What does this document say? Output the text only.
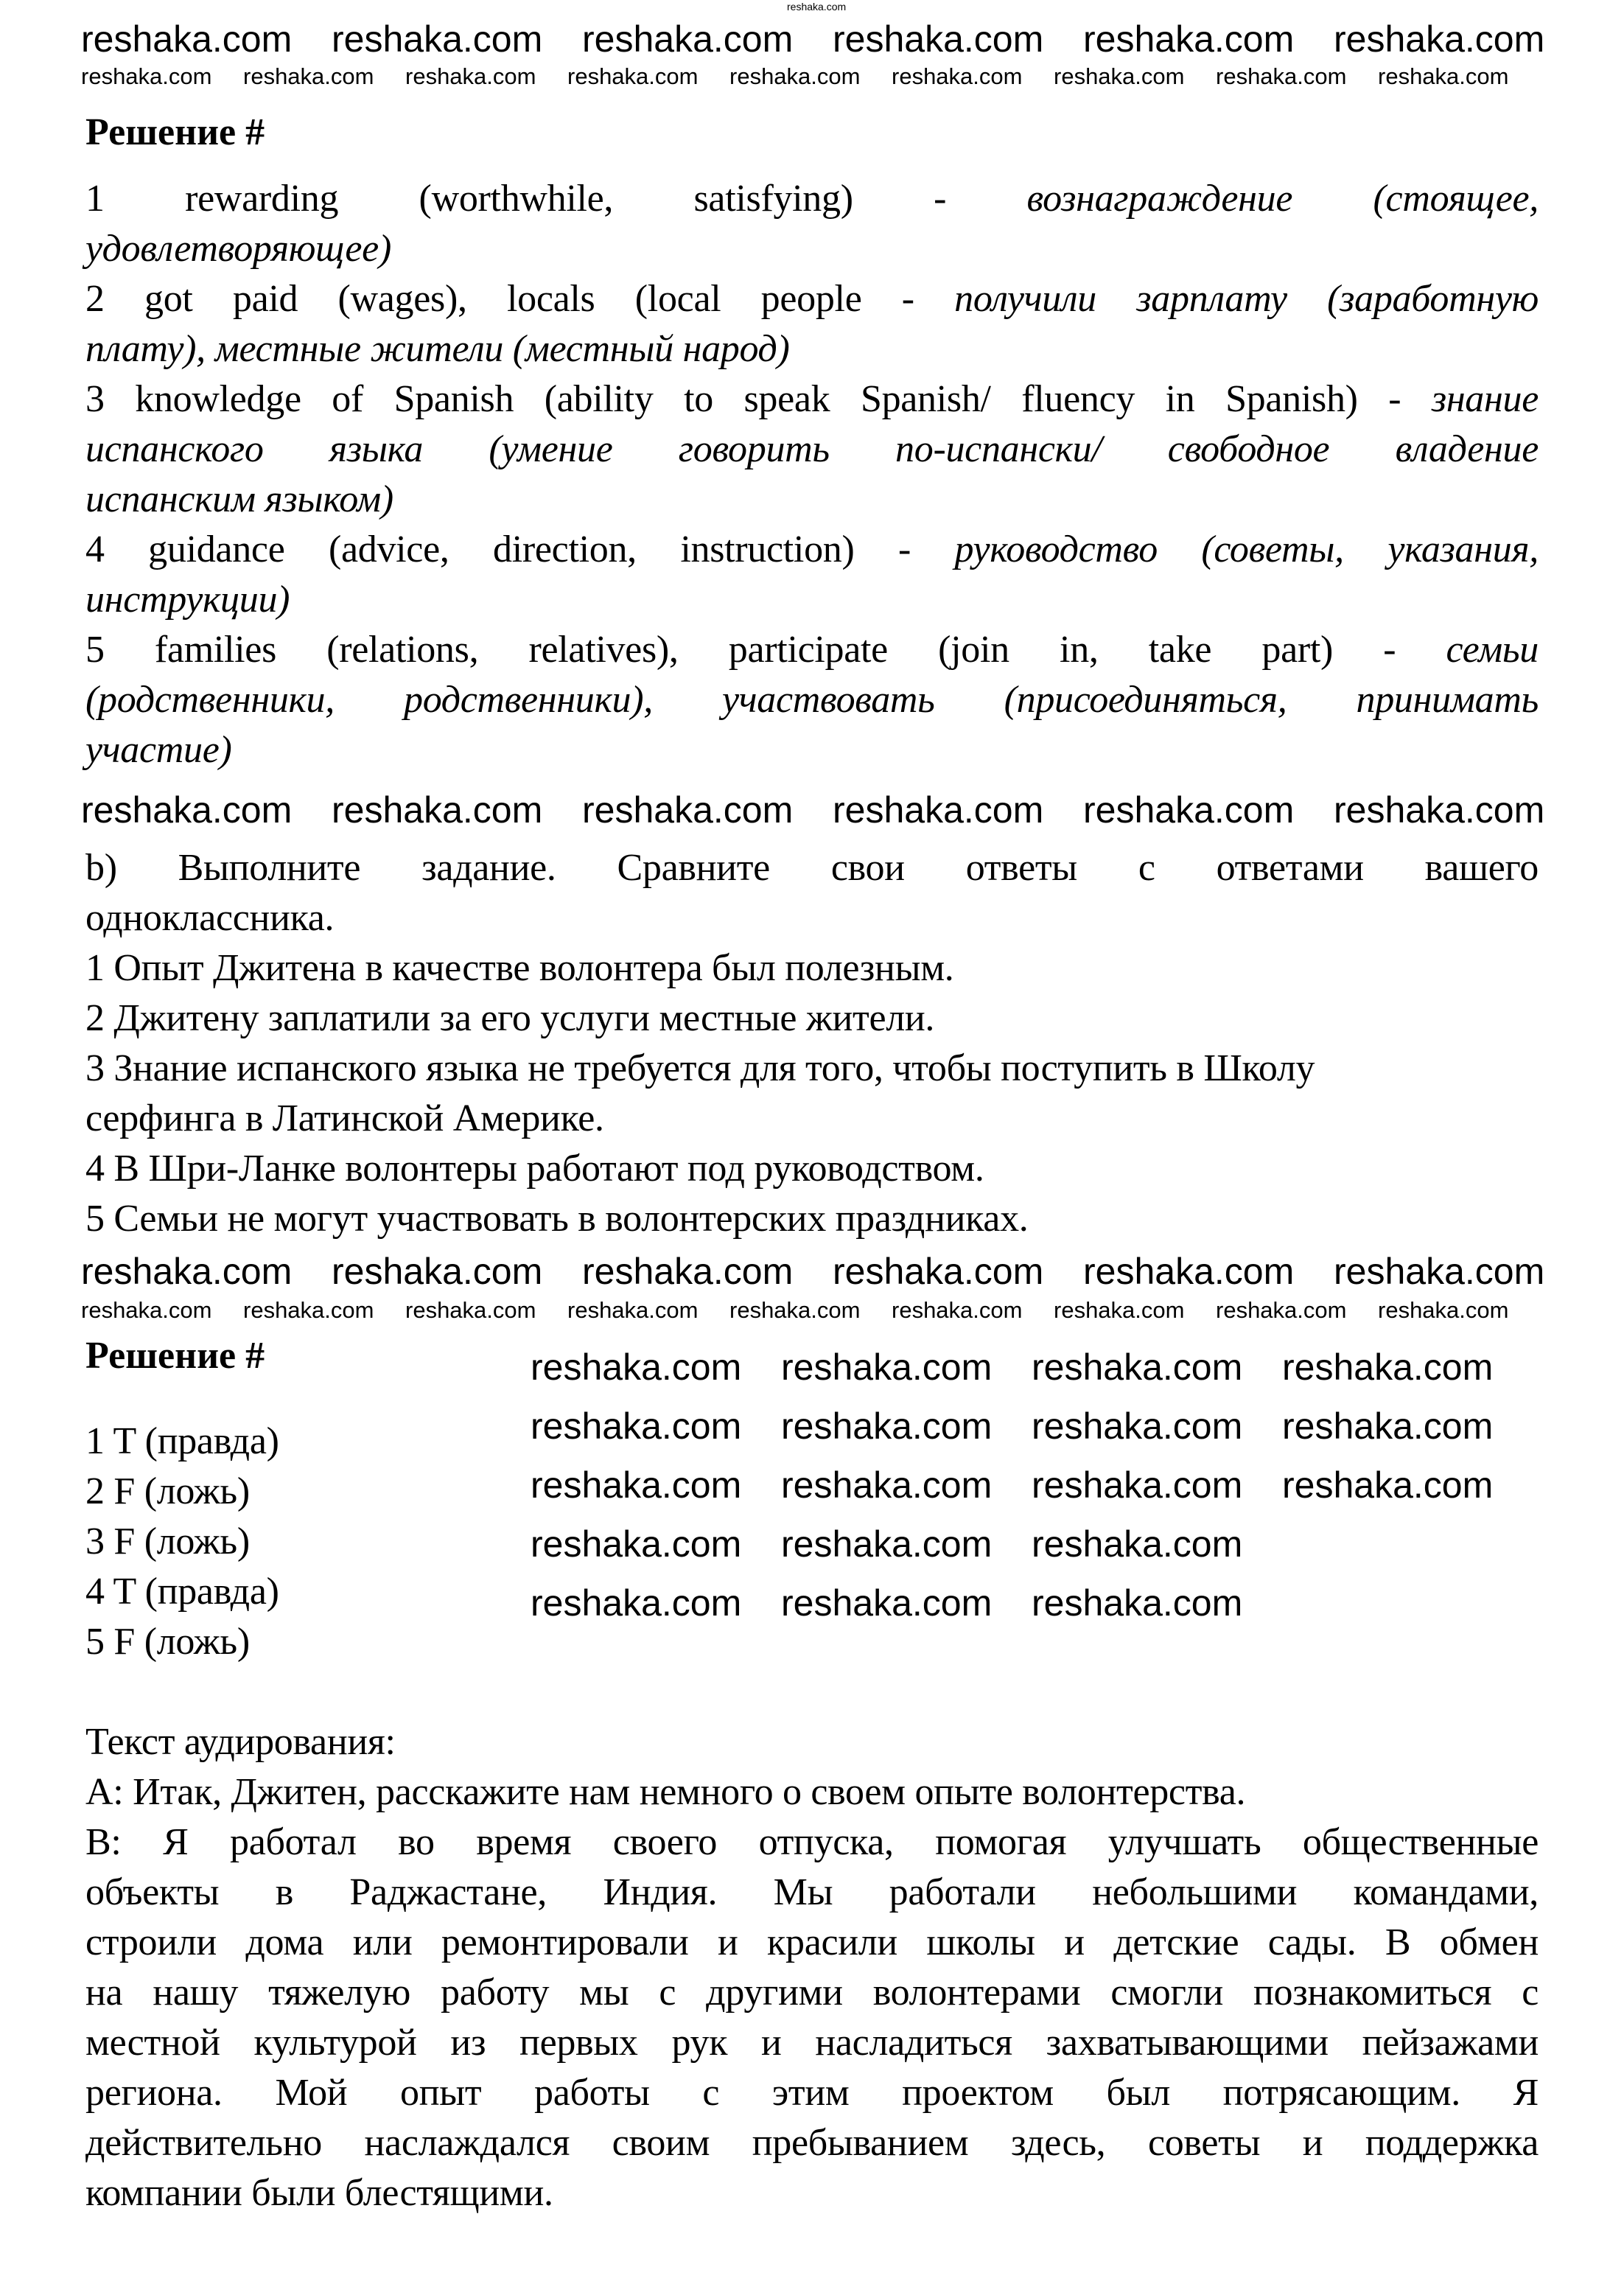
Решение #
1 rewarding (worthwhile, satisfying) - вознаграждение (стоящее,
удовлетворяющее)
2 got paid (wages), locals (local people - получили зарплату (заработную
плату), местные жители (местный народ)
3 knowledge of Spanish (ability to speak Spanish/ fluency in Spanish) - знание
испанского языка (умение говорить по-испански/ свободное владение
испанским языком)
4 guidance (advice, direction, instruction) - руководство (советы, указания,
инструкции)
5 families (relations, relatives), participate (join in, take part) - семьи
(родственники, родственники), участвовать (присоединяться, принимать
участие)
b) Выполните задание. Сравните свои ответы с ответами вашего
одноклассника.
1 Опыт Джитена в качестве волонтера был полезным.
2 Джитену заплатили за его услуги местные жители.
3 Знание испанского языка не требуется для того, чтобы поступить в Школу
серфинга в Латинской Америке.
4 В Шри-Ланке волонтеры работают под руководством.
5 Семьи не могут участвовать в волонтерских праздниках.
Решение #
1 T (правда)
2 F (ложь)
3 F (ложь)
4 T (правда)
5 F (ложь)
Текст аудирования:
A: Итак, Джитен, расскажите нам немного о своем опыте волонтерства.
B: Я работал во время своего отпуска, помогая улучшать общественные
объекты в Раджастане, Индия. Мы работали небольшими командами,
строили дома или ремонтировали и красили школы и детские сады. В обмен
на нашу тяжелую работу мы с другими волонтерами смогли познакомиться с
местной культурой из первых рук и насладиться захватывающими пейзажами
региона. Мой опыт работы с этим проектом был потрясающим. Я
действительно наслаждался своим пребыванием здесь, советы и поддержка
компании были блестящими.
reshaka.com
reshaka.com reshaka.com reshaka.com reshaka.com reshaka.com reshaka.com
reshaka.com reshaka.com reshaka.com reshaka.com reshaka.com reshaka.com reshaka.com reshaka.com reshaka.com
reshaka.com reshaka.com reshaka.com reshaka.com reshaka.com reshaka.com
reshaka.com reshaka.com reshaka.com reshaka.com reshaka.com reshaka.com
reshaka.com reshaka.com reshaka.com reshaka.com reshaka.com reshaka.com reshaka.com reshaka.com reshaka.com
reshaka.com reshaka.com reshaka.com
reshaka.com reshaka.com reshaka.com
reshaka.com reshaka.com reshaka.com
reshaka.com reshaka.com reshaka.com
reshaka.com reshaka.com reshaka.com
reshaka.com
reshaka.com
reshaka.com
